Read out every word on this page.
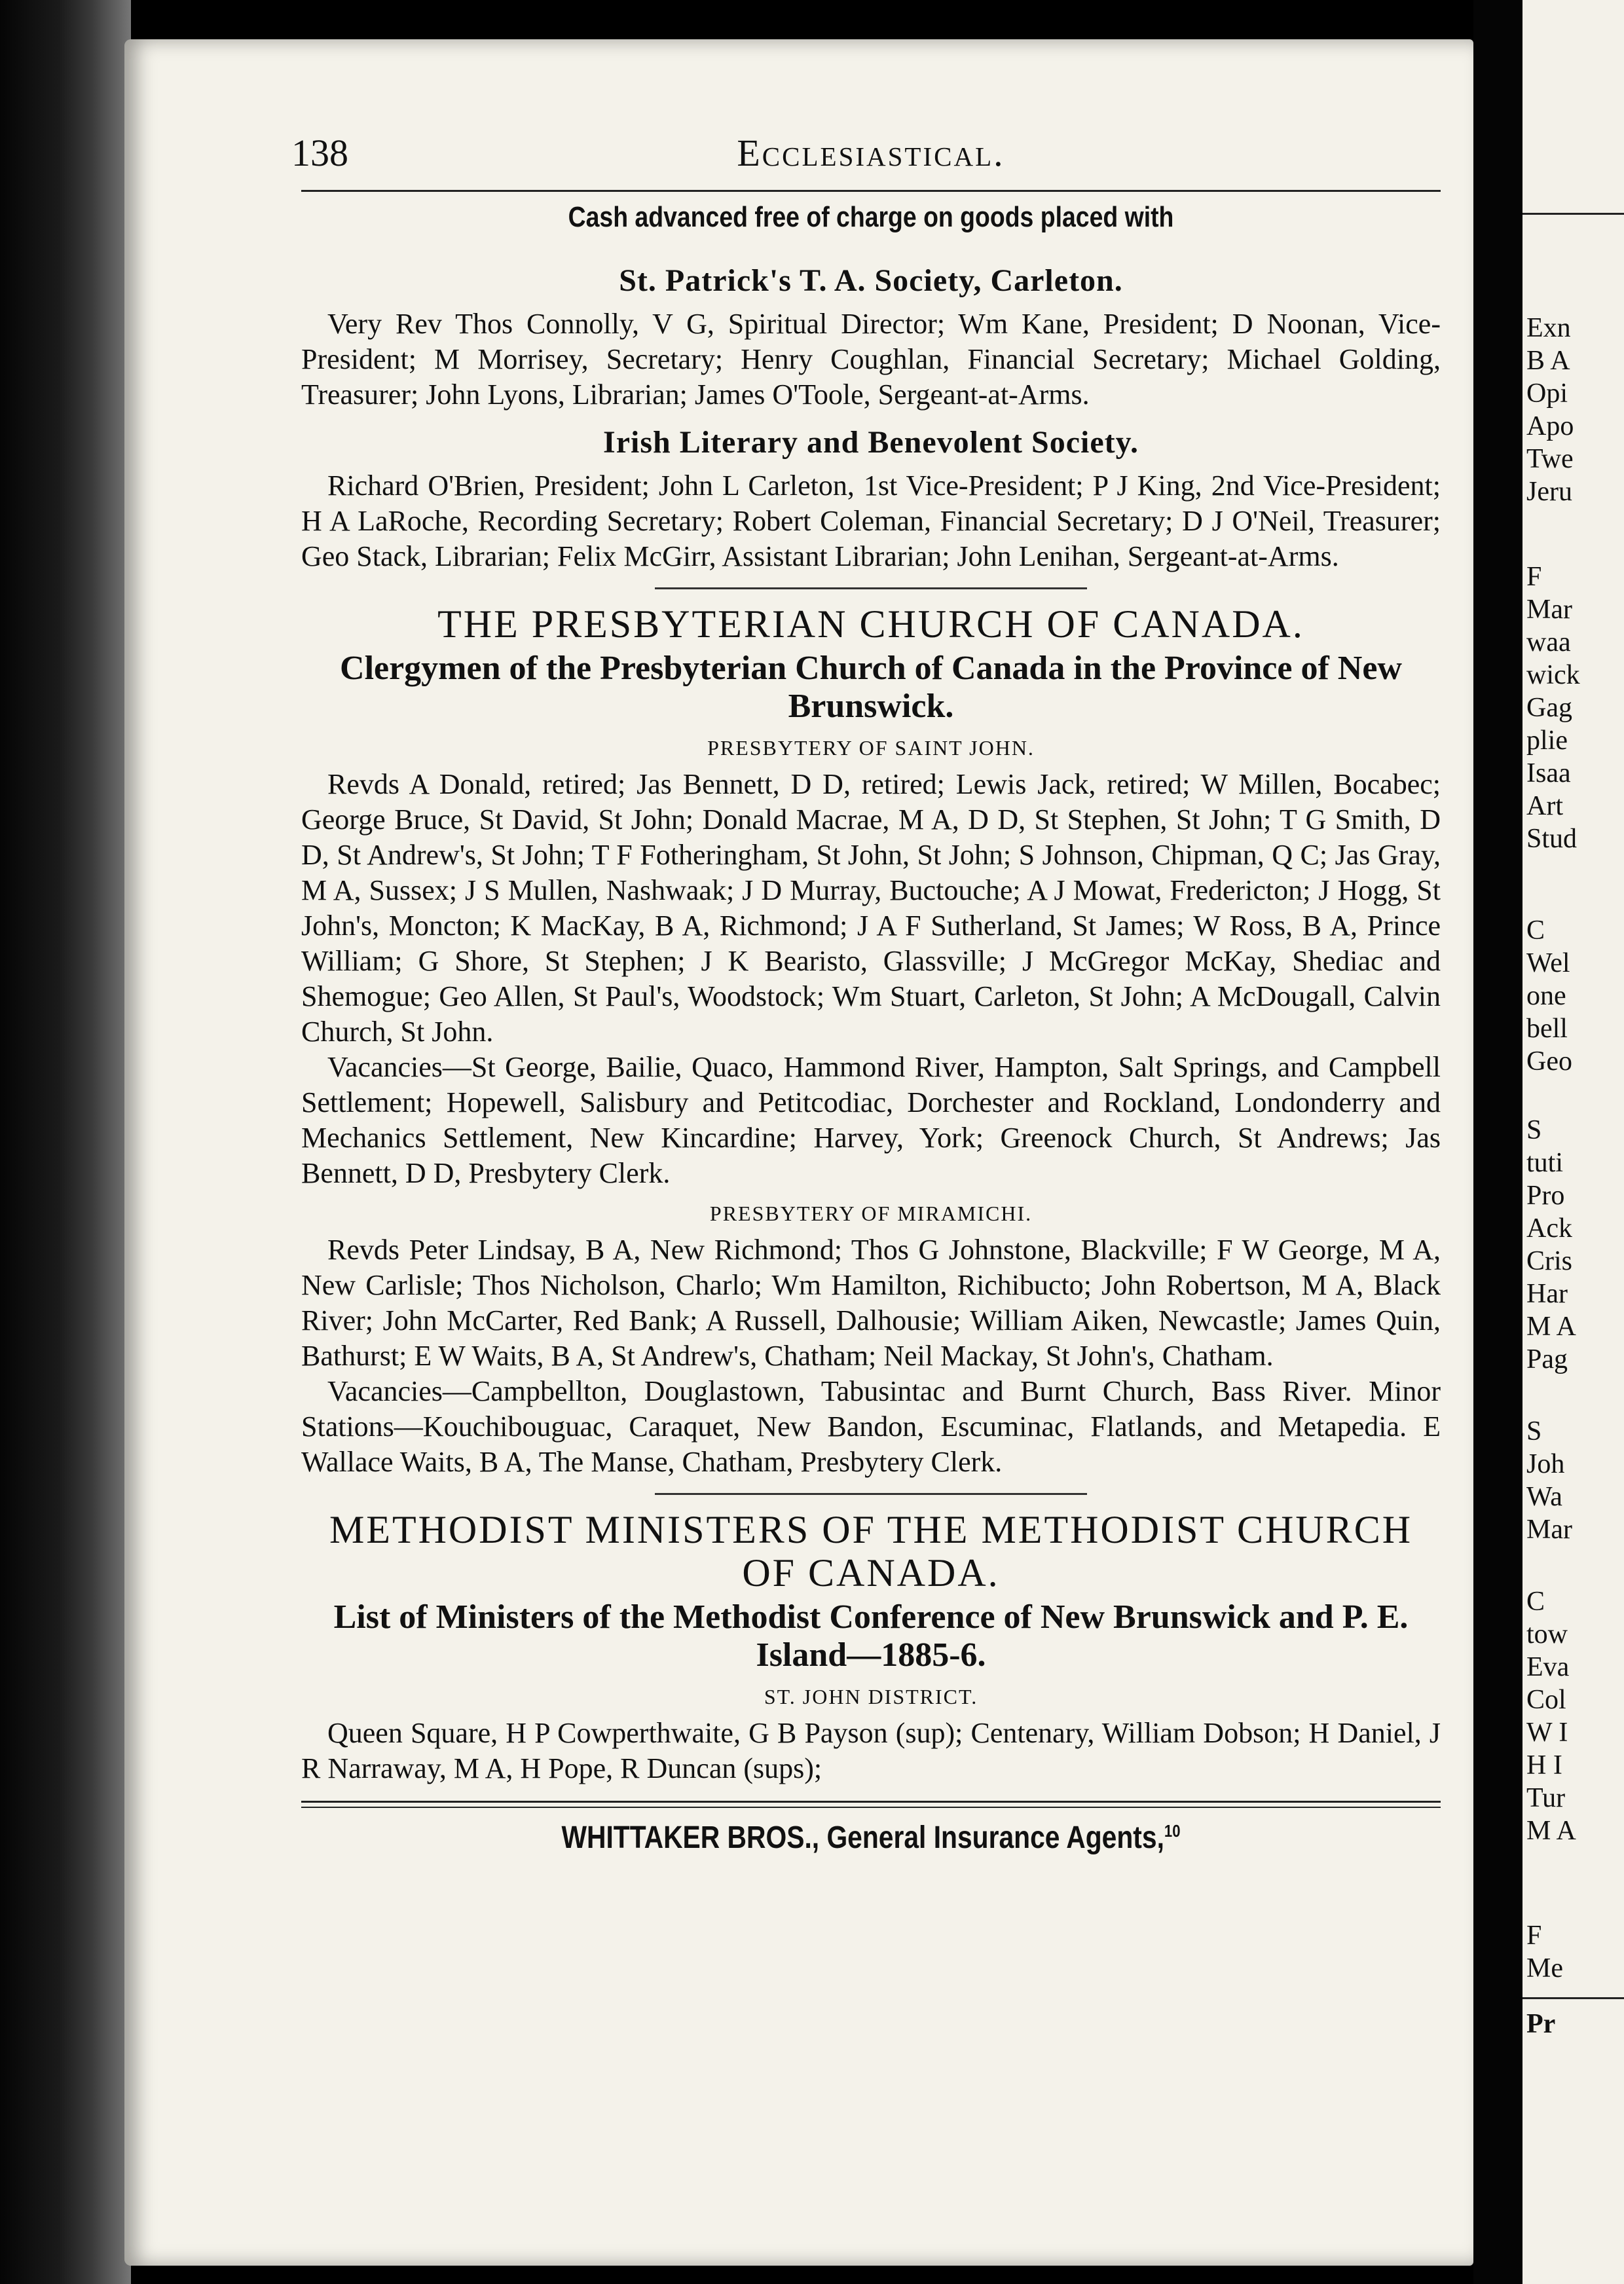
138	Ecclesiastical.
Cash advanced free of charge on goods placed with
St. Patrick's T. A. Society, Carleton.

Very Rev Thos Connolly, V G, Spiritual Director; Wm Kane, President; D Noonan, Vice-President; M Morrisey, Secretary; Henry Coughlan, Financial Secretary; Michael Golding, Treasurer; John Lyons, Librarian; James O'Toole, Sergeant-at-Arms.

Irish Literary and Benevolent Society.

Richard O'Brien, President; John L Carleton, 1st Vice-President; P J King, 2nd Vice-President; H A LaRoche, Recording Secretary; Robert Coleman, Financial Secretary; D J O'Neil, Treasurer; Geo Stack, Librarian; Felix McGirr, Assistant Librarian; John Lenihan, Sergeant-at-Arms.

THE PRESBYTERIAN CHURCH OF CANADA.
Clergymen of the Presbyterian Church of Canada in the Province of New Brunswick.
PRESBYTERY OF SAINT JOHN.

Revds A Donald, retired; Jas Bennett, D D, retired; Lewis Jack, retired; W Millen, Bocabec; George Bruce, St David, St John; Donald Macrae, M A, D D, St Stephen, St John; T G Smith, D D, St Andrew's, St John; T F Fotheringham, St John, St John; S Johnson, Chipman, Q C; Jas Gray, M A, Sussex; J S Mullen, Nashwaak; J D Murray, Buctouche; A J Mowat, Fredericton; J Hogg, St John's, Moncton; K MacKay, B A, Richmond; J A F Sutherland, St James; W Ross, B A, Prince William; G Shore, St Stephen; J K Bearisto, Glassville; J McGregor McKay, Shediac and Shemogue; Geo Allen, St Paul's, Woodstock; Wm Stuart, Carleton, St John; A McDougall, Calvin Church, St John.

Vacancies—St George, Bailie, Quaco, Hammond River, Hampton, Salt Springs, and Campbell Settlement; Hopewell, Salisbury and Petitcodiac, Dorchester and Rockland, Londonderry and Mechanics Settlement, New Kincardine; Harvey, York; Greenock Church, St Andrews; Jas Bennett, D D, Presbytery Clerk.

PRESBYTERY OF MIRAMICHI.

Revds Peter Lindsay, B A, New Richmond; Thos G Johnstone, Blackville; F W George, M A, New Carlisle; Thos Nicholson, Charlo; Wm Hamilton, Richibucto; John Robertson, M A, Black River; John McCarter, Red Bank; A Russell, Dalhousie; William Aiken, Newcastle; James Quin, Bathurst; E W Waits, B A, St Andrew's, Chatham; Neil Mackay, St John's, Chatham.

Vacancies—Campbellton, Douglastown, Tabusintac and Burnt Church, Bass River. Minor Stations—Kouchibouguac, Caraquet, New Bandon, Escuminac, Flatlands, and Metapedia. E Wallace Waits, B A, The Manse, Chatham, Presbytery Clerk.

METHODIST MINISTERS OF THE METHODIST CHURCH OF CANADA.
List of Ministers of the Methodist Conference of New Brunswick and P. E. Island—1885-6.
ST. JOHN DISTRICT.

Queen Square, H P Cowperthwaite, G B Payson (sup); Centenary, William Dobson; H Daniel, J R Narraway, M A, H Pope, R Duncan (sups);

WHITTAKER BROS., General Insurance Agents,$^{10}$
Exn
B A
Opi
Apo
Twe
Jeru
F
Mar
waa
wick
Gag
plie
Isaa
Art
Stud
C
Wel
one
bell
Geo
S
tuti
Pro
Ack
Cris
Har
M A
Pag
S
Joh
Wa
Mar
C
tow
Eva
Col
W I
H I
Tur
M A
F
Me
Pr
